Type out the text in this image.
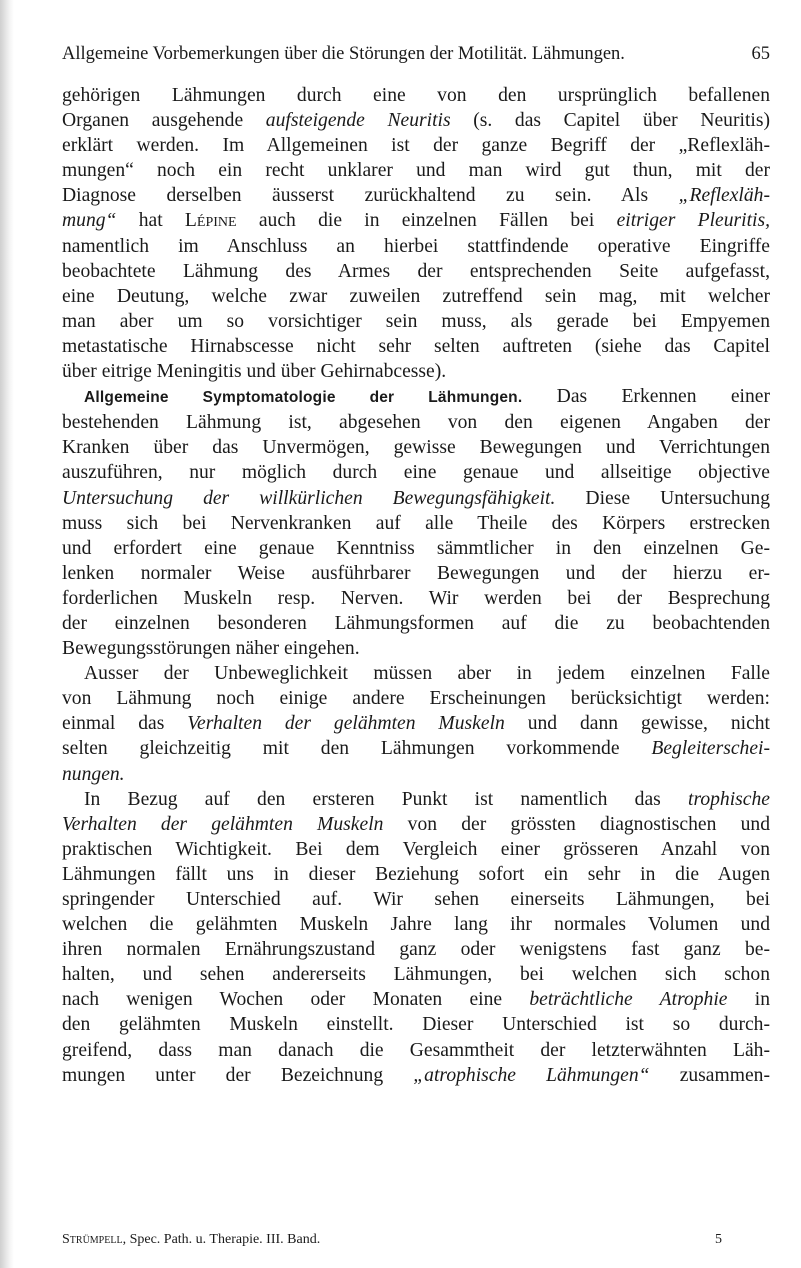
Allgemeine Vorbemerkungen über die Störungen der Motilität. Lähmungen.	65
gehörigen Lähmungen durch eine von den ursprünglich befallenen
Organen ausgehende aufsteigende Neuritis (s. das Capitel über Neuritis)
erklärt werden. Im Allgemeinen ist der ganze Begriff der „Reflexläh-
mungen“ noch ein recht unklarer und man wird gut thun, mit der
Diagnose derselben äusserst zurückhaltend zu sein. Als „Reflexläh-
mung“ hat Lépine auch die in einzelnen Fällen bei eitriger Pleuritis,
namentlich im Anschluss an hierbei stattfindende operative Eingriffe
beobachtete Lähmung des Armes der entsprechenden Seite aufgefasst,
eine Deutung, welche zwar zuweilen zutreffend sein mag, mit welcher
man aber um so vorsichtiger sein muss, als gerade bei Empyemen
metastatische Hirnabscesse nicht sehr selten auftreten (siehe das Capitel
über eitrige Meningitis und über Gehirnabcesse).
Allgemeine Symptomatologie der Lähmungen. Das Erkennen einer
bestehenden Lähmung ist, abgesehen von den eigenen Angaben der
Kranken über das Unvermögen, gewisse Bewegungen und Verrichtungen
auszuführen, nur möglich durch eine genaue und allseitige objective
Untersuchung der willkürlichen Bewegungsfähigkeit. Diese Untersuchung
muss sich bei Nervenkranken auf alle Theile des Körpers erstrecken
und erfordert eine genaue Kenntniss sämmtlicher in den einzelnen Ge-
lenken normaler Weise ausführbarer Bewegungen und der hierzu er-
forderlichen Muskeln resp. Nerven. Wir werden bei der Besprechung
der einzelnen besonderen Lähmungsformen auf die zu beobachtenden
Bewegungsstörungen näher eingehen.
Ausser der Unbeweglichkeit müssen aber in jedem einzelnen Falle
von Lähmung noch einige andere Erscheinungen berücksichtigt werden:
einmal das Verhalten der gelähmten Muskeln und dann gewisse, nicht
selten gleichzeitig mit den Lähmungen vorkommende Begleiterschei-
nungen.
In Bezug auf den ersteren Punkt ist namentlich das trophische
Verhalten der gelähmten Muskeln von der grössten diagnostischen und
praktischen Wichtigkeit. Bei dem Vergleich einer grösseren Anzahl von
Lähmungen fällt uns in dieser Beziehung sofort ein sehr in die Augen
springender Unterschied auf. Wir sehen einerseits Lähmungen, bei
welchen die gelähmten Muskeln Jahre lang ihr normales Volumen und
ihren normalen Ernährungszustand ganz oder wenigstens fast ganz be-
halten, und sehen andererseits Lähmungen, bei welchen sich schon
nach wenigen Wochen oder Monaten eine beträchtliche Atrophie in
den gelähmten Muskeln einstellt. Dieser Unterschied ist so durch-
greifend, dass man danach die Gesammtheit der letzterwähnten Läh-
mungen unter der Bezeichnung „atrophische Lähmungen“ zusammen-
Strümpell, Spec. Path. u. Therapie. III. Band.	5
